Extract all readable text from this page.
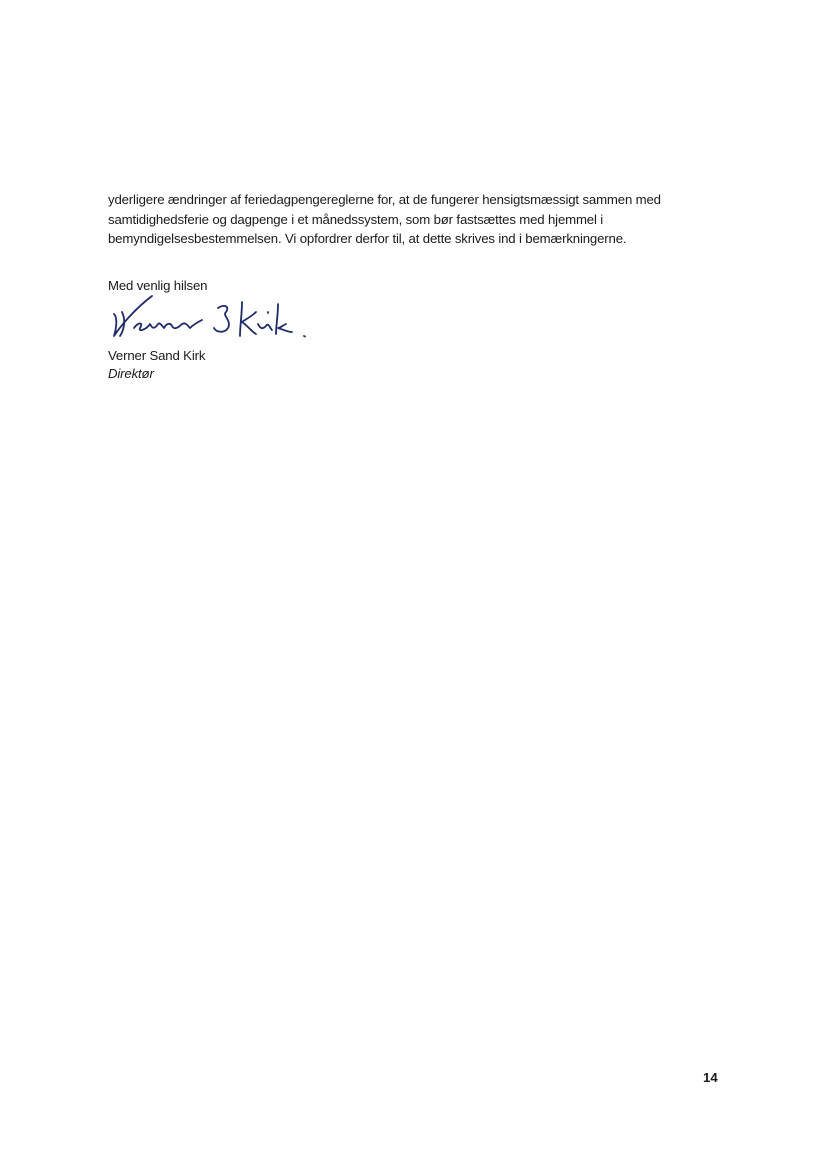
yderligere ændringer af feriedagpengereglerne for, at de fungerer hensigtsmæssigt sammen med

samtidighedsferie og dagpenge i et månedssystem, som bør fastsættes med hjemmel i

bemyndigelsesbestemmelsen. Vi opfordrer derfor til, at dette skrives ind i bemærkningerne.

Med venlig hilsen
Verner Sand Kirk
Direktør
14
